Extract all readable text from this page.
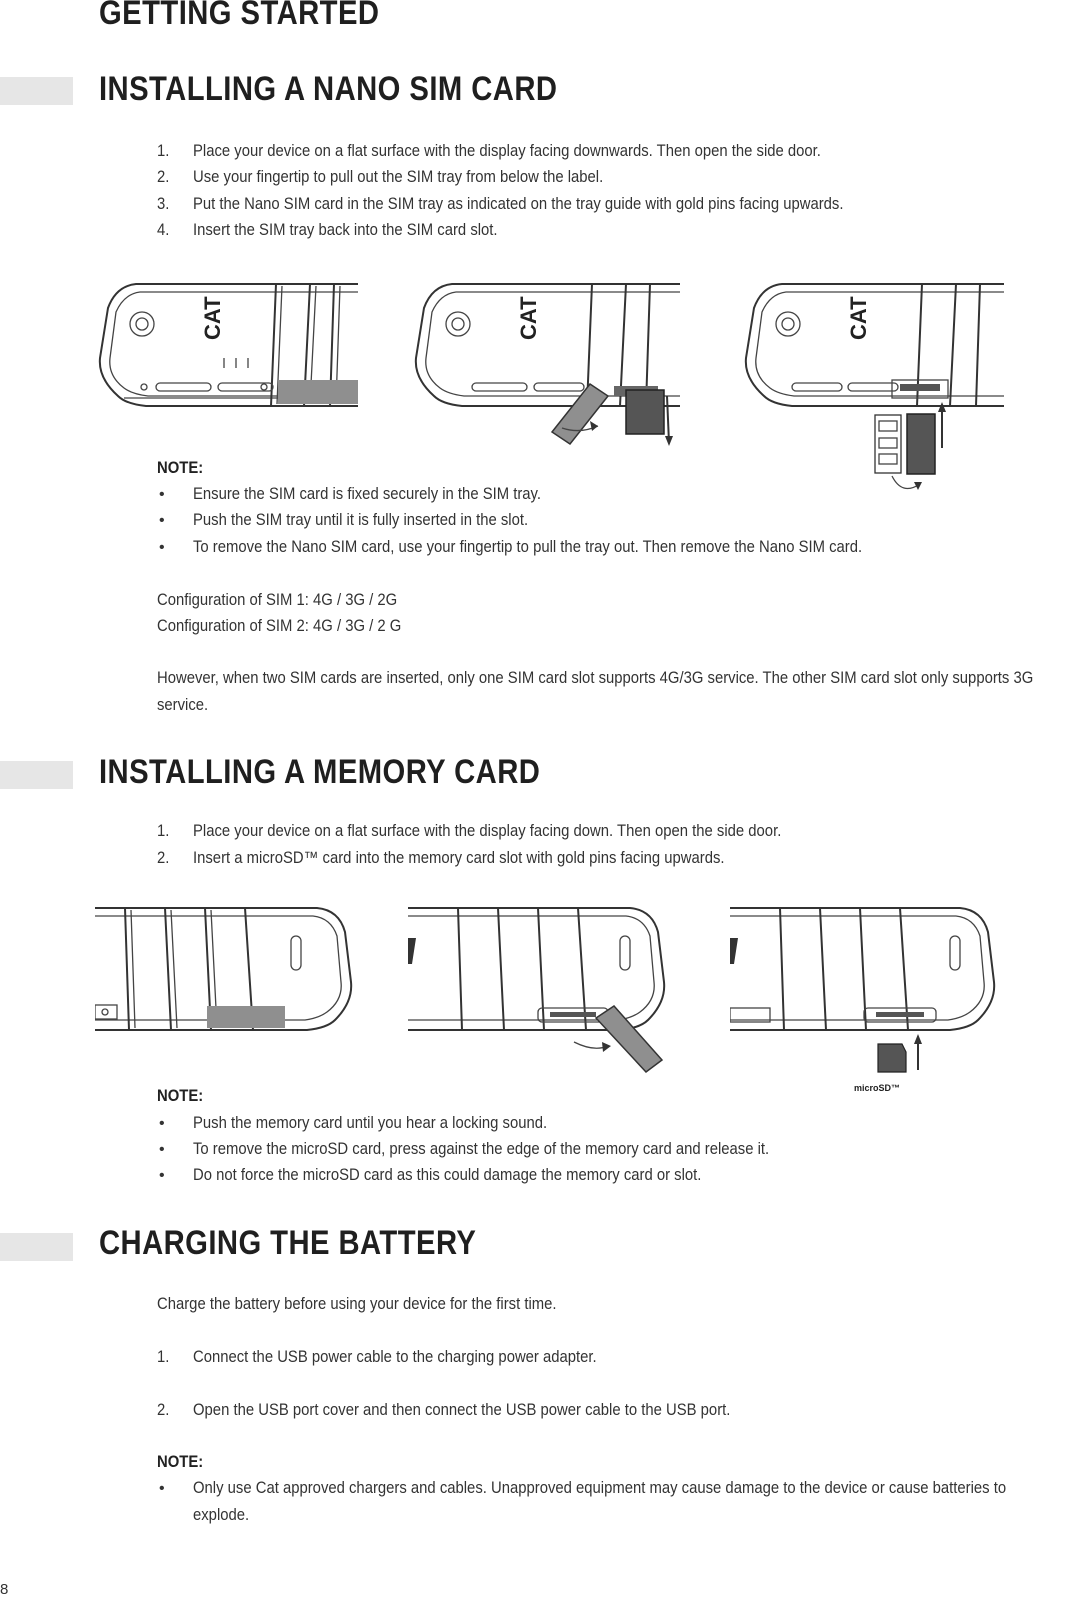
GETTING STARTED
INSTALLING A NANO SIM CARD
1. Place your device on a flat surface with the display facing downwards. Then open the side door.
2. Use your fingertip to pull out the SIM tray from below the label.
3. Put the Nano SIM card in the SIM tray as indicated on the tray guide with gold pins facing upwards.
4. Insert the SIM tray back into the SIM card slot.
CAT	CAT	CAT
NOTE:
• Ensure the SIM card is fixed securely in the SIM tray.
• Push the SIM tray until it is fully inserted in the slot.
• To remove the Nano SIM card, use your fingertip to pull the tray out. Then remove the Nano SIM card.
Configuration of SIM 1: 4G / 3G / 2G
Configuration of SIM 2: 4G / 3G / 2 G
However, when two SIM cards are inserted, only one SIM card slot supports 4G/3G service. The other SIM card slot only supports 3G service.
INSTALLING A MEMORY CARD
1. Place your device on a flat surface with the display facing down. Then open the side door.
2. Insert a microSD™ card into the memory card slot with gold pins facing upwards.
microSD™
NOTE:
• Push the memory card until you hear a locking sound.
• To remove the microSD card, press against the edge of the memory card and release it.
• Do not force the microSD card as this could damage the memory card or slot.
CHARGING THE BATTERY
Charge the battery before using your device for the first time.
1. Connect the USB power cable to the charging power adapter.
2. Open the USB port cover and then connect the USB power cable to the USB port.
NOTE:
• Only use Cat approved chargers and cables. Unapproved equipment may cause damage to the device or cause batteries to explode.
8
